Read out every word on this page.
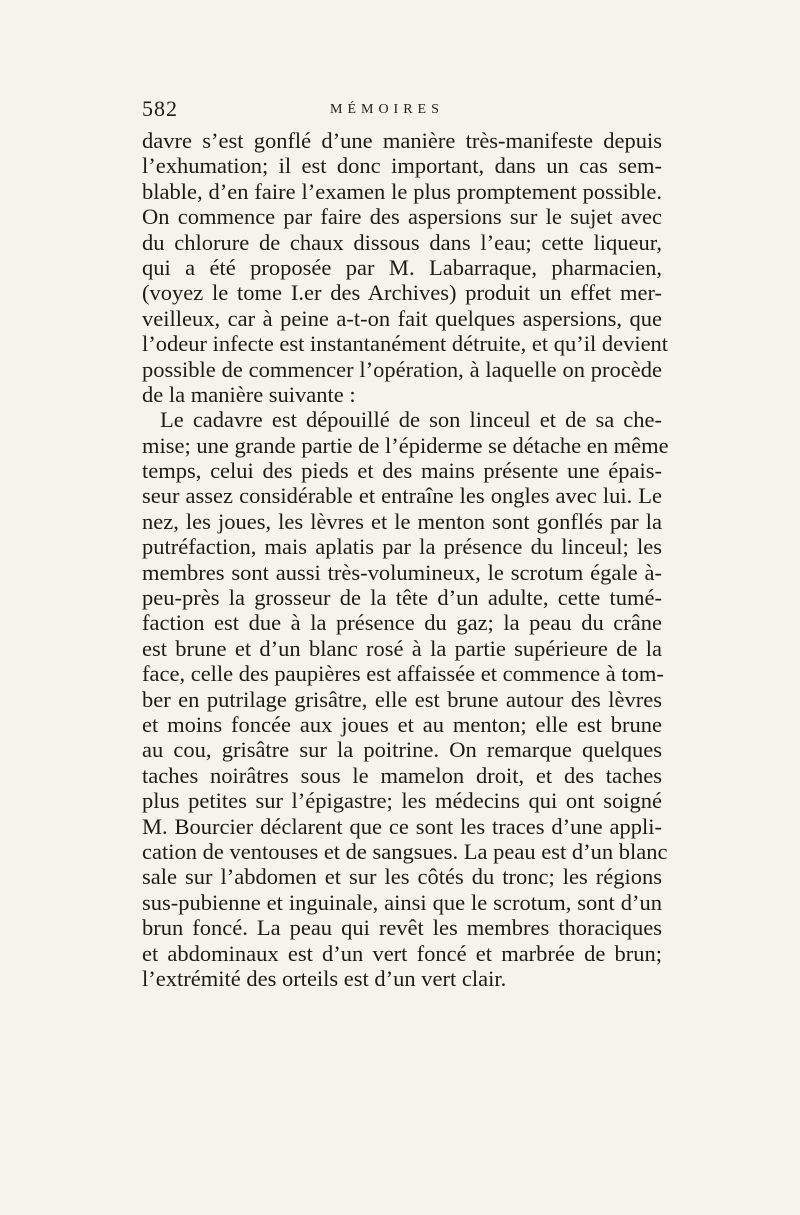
582	MÉMOIRES
davre s’est gonflé d’une manière très-manifeste depuis
l’exhumation; il est donc important, dans un cas sem-
blable, d’en faire l’examen le plus promptement possible.
On commence par faire des aspersions sur le sujet avec
du chlorure de chaux dissous dans l’eau; cette liqueur,
qui a été proposée par M. Labarraque, pharmacien,
(voyez le tome I.er des Archives) produit un effet mer-
veilleux, car à peine a-t-on fait quelques aspersions, que
l’odeur infecte est instantanément détruite, et qu’il devient
possible de commencer l’opération, à laquelle on procède
de la manière suivante :
Le cadavre est dépouillé de son linceul et de sa che-
mise; une grande partie de l’épiderme se détache en même
temps, celui des pieds et des mains présente une épais-
seur assez considérable et entraîne les ongles avec lui. Le
nez, les joues, les lèvres et le menton sont gonflés par la
putréfaction, mais aplatis par la présence du linceul; les
membres sont aussi très-volumineux, le scrotum égale à-
peu-près la grosseur de la tête d’un adulte, cette tumé-
faction est due à la présence du gaz; la peau du crâne
est brune et d’un blanc rosé à la partie supérieure de la
face, celle des paupières est affaissée et commence à tom-
ber en putrilage grisâtre, elle est brune autour des lèvres
et moins foncée aux joues et au menton; elle est brune
au cou, grisâtre sur la poitrine. On remarque quelques
taches noirâtres sous le mamelon droit, et des taches
plus petites sur l’épigastre; les médecins qui ont soigné
M. Bourcier déclarent que ce sont les traces d’une appli-
cation de ventouses et de sangsues. La peau est d’un blanc
sale sur l’abdomen et sur les côtés du tronc; les régions
sus-pubienne et inguinale, ainsi que le scrotum, sont d’un
brun foncé. La peau qui revêt les membres thoraciques
et abdominaux est d’un vert foncé et marbrée de brun;
l’extrémité des orteils est d’un vert clair.
